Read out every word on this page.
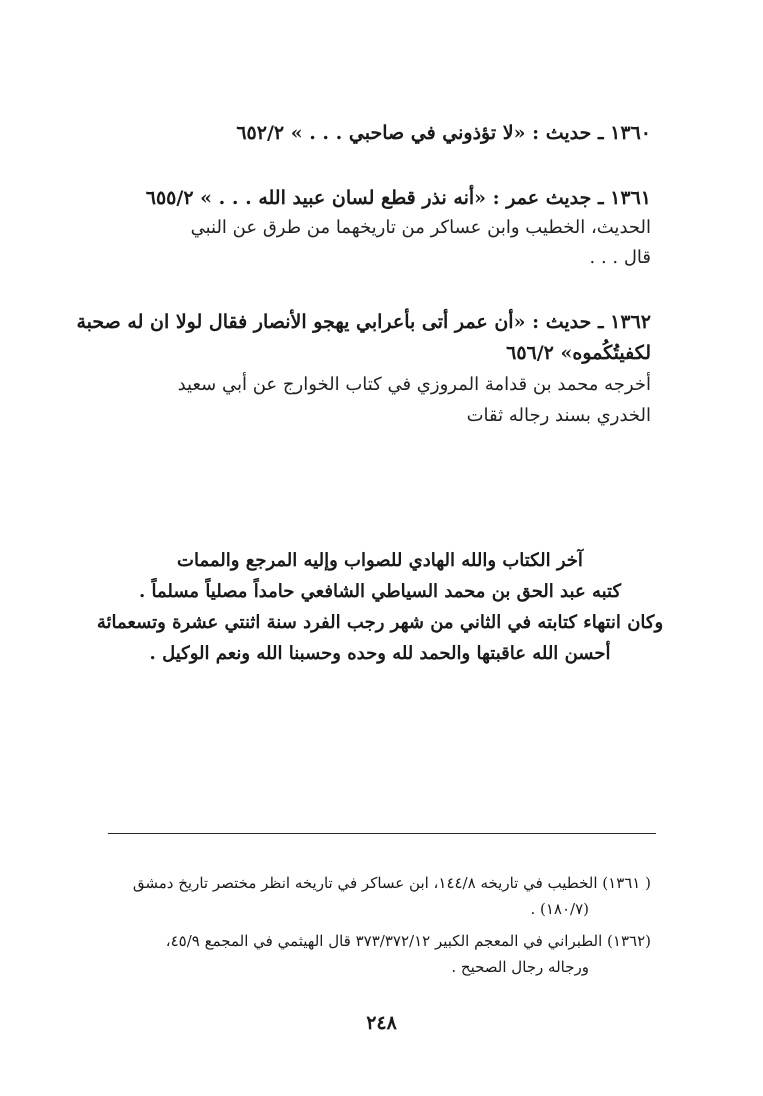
١٣٦٠ ـ حديث : «لا تؤذوني في صاحبي . . . » ٦٥٢/٢
١٣٦١ ـ جديث عمر : «أنه نذر قطع لسان عبيد الله . . . » ٦٥٥/٢
الحديث، الخطيب وابن عساكر من تاريخهما من طرق عن النبي
قال . . .
١٣٦٢ ـ حديث : «أن عمر أتى بأعرابي يهجو الأنصار فقال لولا ان له صحبة
لكفيتُكُموه» ٦٥٦/٢
أخرجه محمد بن قدامة المروزي في كتاب الخوارج عن أبي سعيد
الخدري بسند رجاله ثقات
آخر الكتاب والله الهادي للصواب وإليه المرجع والممات
كتبه عبد الحق بن محمد السياطي الشافعي حامداً مصلياً مسلماً .
وكان انتهاء كتابته في الثاني من شهر رجب الفرد سنة اثنتي عشرة وتسعمائة
أحسن الله عاقبتها والحمد لله وحده وحسبنا الله ونعم الوكيل .
( ١٣٦١) الخطيب في تاريخه ١٤٤/٨، ابن عساكر في تاريخه انظر مختصر تاريخ دمشق
(١٨٠/٧) .
(١٣٦٢) الطبراني في المعجم الكبير ٣٧٣/٣٧٢/١٢ قال الهيثمي في المجمع ٤٥/٩،
ورجاله رجال الصحيح .
٢٤٨
